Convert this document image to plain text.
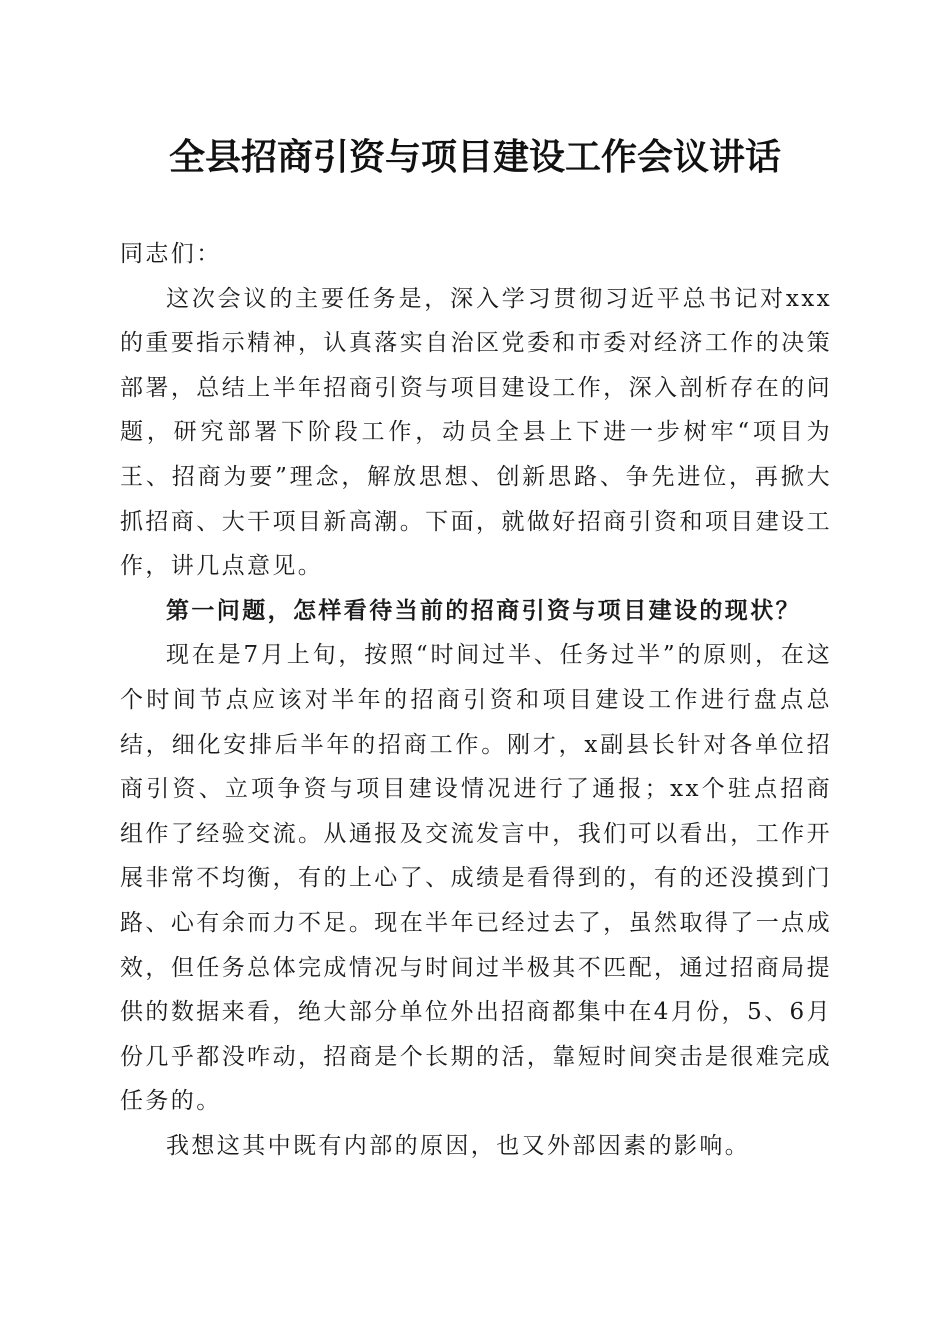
全县招商引资与项目建设工作会议讲话

同志们：

这次会议的主要任务是，深入学习贯彻习近平总书记对xxx的重要指示精神，认真落实自治区党委和市委对经济工作的决策部署，总结上半年招商引资与项目建设工作，深入剖析存在的问题，研究部署下阶段工作，动员全县上下进一步树牢“项目为王、招商为要”理念，解放思想、创新思路、争先进位，再掀大抓招商、大干项目新高潮。下面，就做好招商引资和项目建设工作，讲几点意见。

第一问题，怎样看待当前的招商引资与项目建设的现状？

现在是7月上旬，按照“时间过半、任务过半”的原则，在这个时间节点应该对半年的招商引资和项目建设工作进行盘点总结，细化安排后半年的招商工作。刚才，x副县长针对各单位招商引资、立项争资与项目建设情况进行了通报；xx个驻点招商组作了经验交流。从通报及交流发言中，我们可以看出，工作开展非常不均衡，有的上心了、成绩是看得到的，有的还没摸到门路、心有余而力不足。现在半年已经过去了，虽然取得了一点成效，但任务总体完成情况与时间过半极其不匹配，通过招商局提供的数据来看，绝大部分单位外出招商都集中在4月份，5、6月份几乎都没咋动，招商是个长期的活，靠短时间突击是很难完成任务的。

我想这其中既有内部的原因，也又外部因素的影响。
